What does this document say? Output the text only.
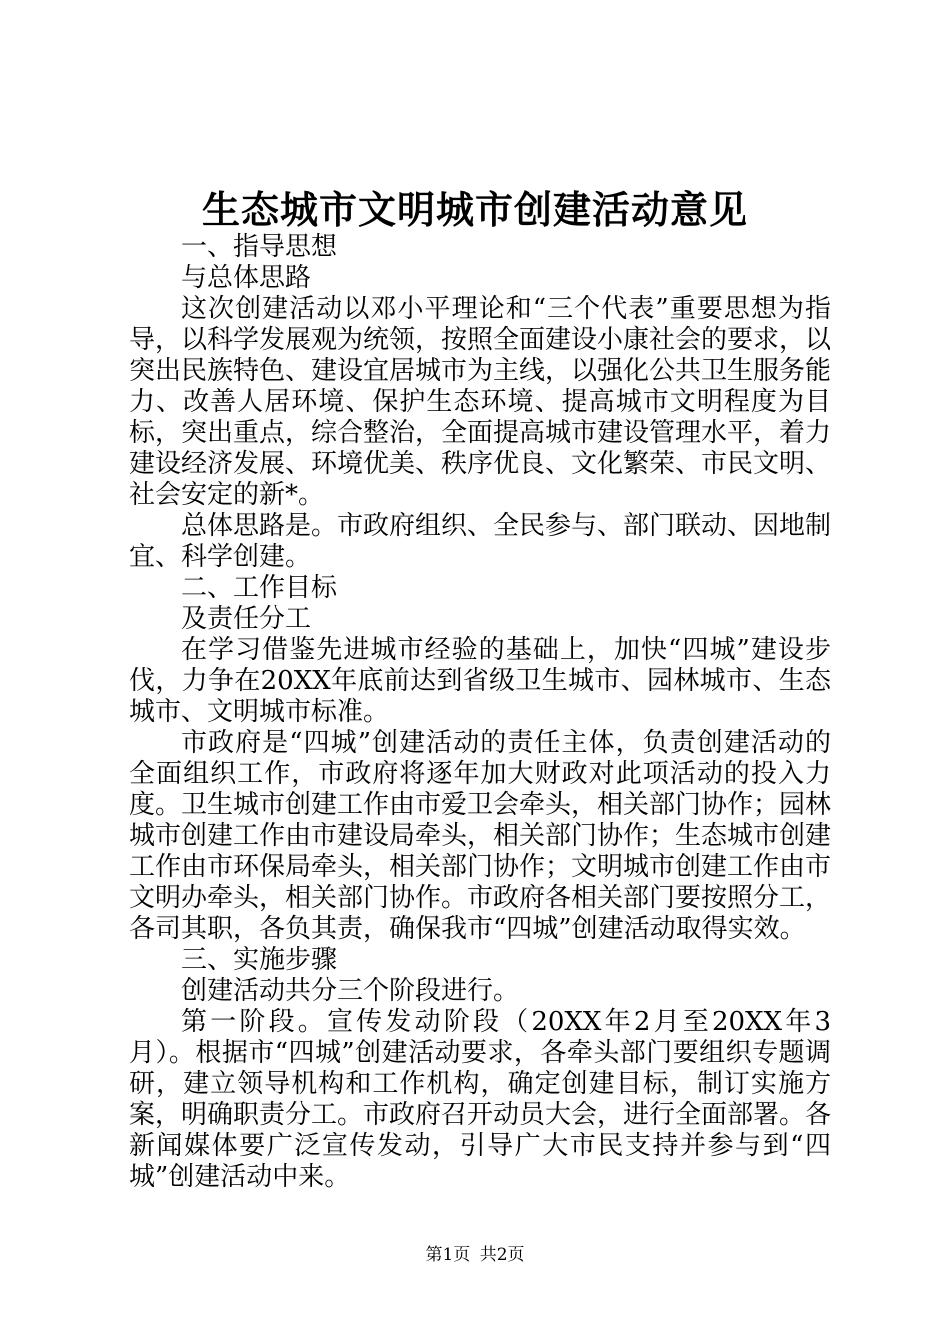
生态城市文明城市创建活动意见

一、指导思想

与总体思路

这次创建活动以邓小平理论和“三个代表”重要思想为指导，以科学发展观为统领，按照全面建设小康社会的要求，以突出民族特色、建设宜居城市为主线，以强化公共卫生服务能力、改善人居环境、保护生态环境、提高城市文明程度为目标，突出重点，综合整治，全面提高城市建设管理水平，着力建设经济发展、环境优美、秩序优良、文化繁荣、市民文明、社会安定的新*。

总体思路是。市政府组织、全民参与、部门联动、因地制宜、科学创建。

二、工作目标

及责任分工

在学习借鉴先进城市经验的基础上，加快“四城”建设步伐，力争在20XX年底前达到省级卫生城市、园林城市、生态城市、文明城市标准。

市政府是“四城”创建活动的责任主体，负责创建活动的全面组织工作，市政府将逐年加大财政对此项活动的投入力度。卫生城市创建工作由市爱卫会牵头，相关部门协作；园林城市创建工作由市建设局牵头，相关部门协作；生态城市创建工作由市环保局牵头，相关部门协作；文明城市创建工作由市文明办牵头，相关部门协作。市政府各相关部门要按照分工，各司其职，各负其责，确保我市“四城”创建活动取得实效。

三、实施步骤

创建活动共分三个阶段进行。

第一阶段。宣传发动阶段（20XX年2月至20XX年3月）。根据市“四城”创建活动要求，各牵头部门要组织专题调研，建立领导机构和工作机构，确定创建目标，制订实施方案，明确职责分工。市政府召开动员大会，进行全面部署。各新闻媒体要广泛宣传发动，引导广大市民支持并参与到“四城”创建活动中来。

第1页 共2页
